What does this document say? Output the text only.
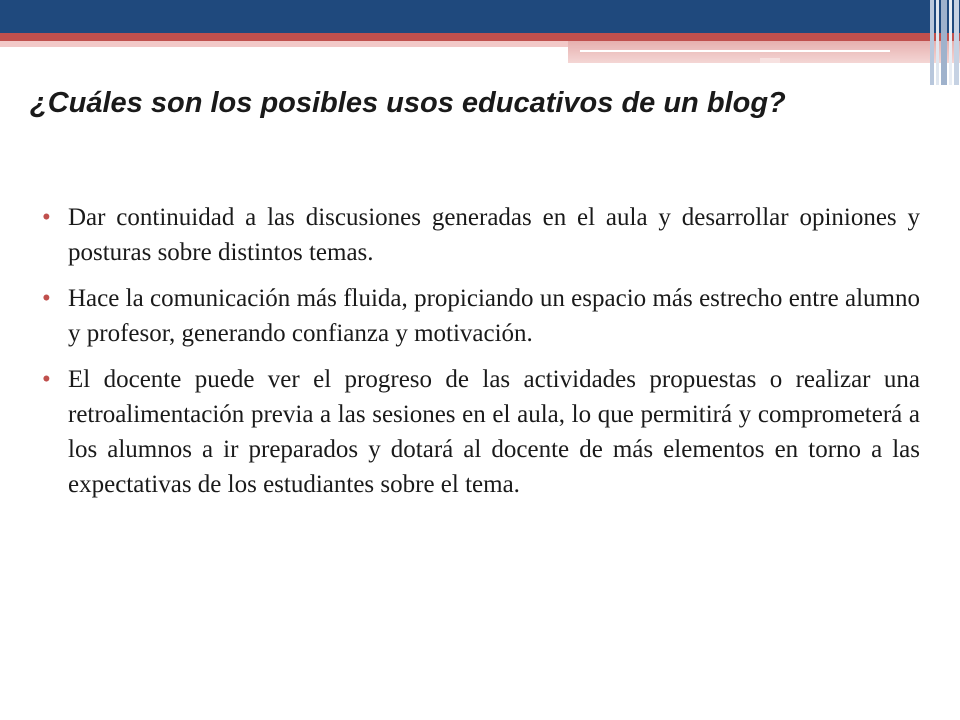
¿Cuáles son los posibles usos educativos de un blog?
• Dar continuidad a las discusiones generadas en el aula y desarrollar opiniones y posturas sobre distintos temas.
• Hace la comunicación más fluida, propiciando un espacio más estrecho entre alumno y profesor, generando confianza y motivación.
• El docente puede ver el progreso de las actividades propuestas o realizar una retroalimentación previa a las sesiones en el aula, lo que permitirá y comprometerá a los alumnos a ir preparados y dotará al docente de más elementos en torno a las expectativas de los estudiantes sobre el tema.
